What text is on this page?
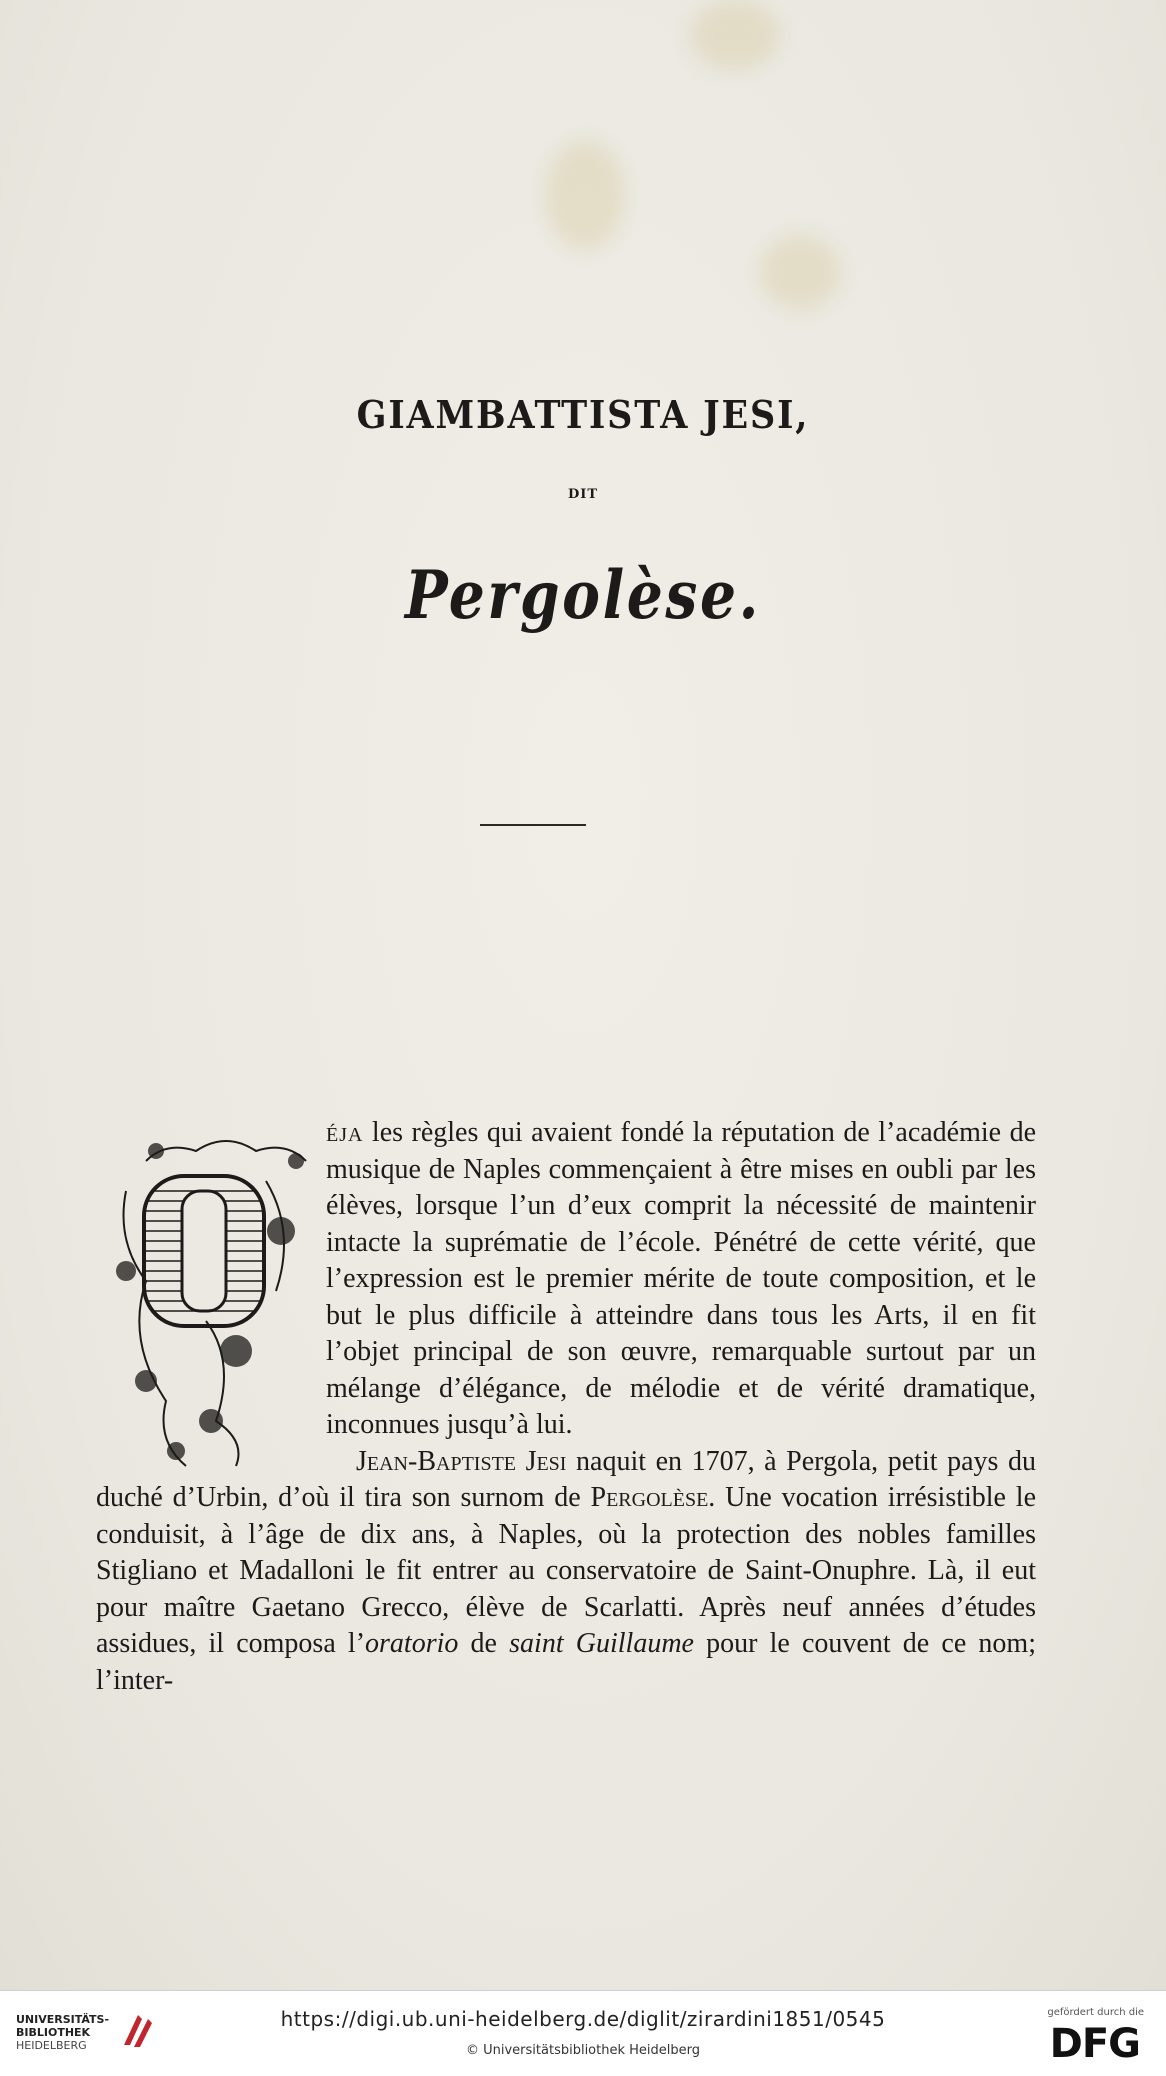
GIAMBATTISTA JESI,
DIT
Pergolèse.
éja les règles qui avaient fondé la réputation de l’académie de musique de Naples commençaient à être mises en oubli par les élèves, lorsque l’un d’eux comprit la nécessité de maintenir intacte la suprématie de l’école. Pénétré de cette vérité, que l’expression est le premier mérite de toute composition, et le but le plus difficile à atteindre dans tous les Arts, il en fit l’objet principal de son œuvre, remarquable surtout par un mélange d’élégance, de mélodie et de vérité dramatique, inconnues jusqu’à lui.
Jean-Baptiste Jesi naquit en 1707, à Pergola, petit pays du duché d’Urbin, d’où il tira son surnom de Pergolèse. Une vocation irrésistible le conduisit, à l’âge de dix ans, à Naples, où la protection des nobles familles Stigliano et Madalloni le fit entrer au conservatoire de Saint-Onuphre. Là, il eut pour maître Gaetano Grecco, élève de Scarlatti. Après neuf années d’études assidues, il composa l’oratorio de saint Guillaume pour le couvent de ce nom; l’inter-
UNIVERSITÄTS-
BIBLIOTHEK
HEIDELBERG
https://digi.ub.uni-heidelberg.de/diglit/zirardini1851/0545
© Universitätsbibliothek Heidelberg
gefördert durch die
DFG
